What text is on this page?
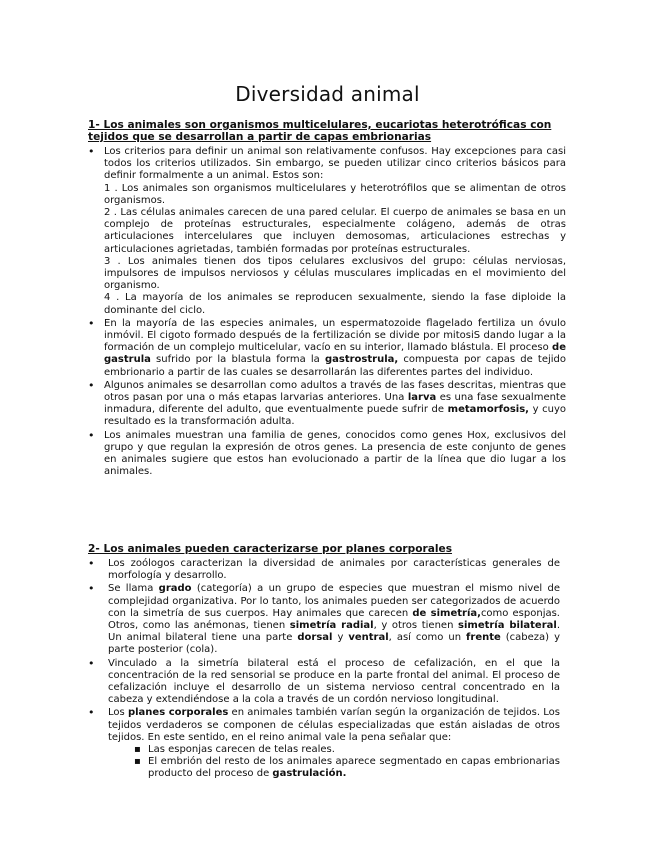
Diversidad animal
1- Los animales son organismos multicelulares, eucariotas heterotróficas con tejidos que se desarrollan a partir de capas embrionarias
• Los criterios para definir un animal son relativamente confusos. Hay excepciones para casi todos los criterios utilizados. Sin embargo, se pueden utilizar cinco criterios básicos para definir formalmente a un animal. Estos son:
1 . Los animales son organismos multicelulares y heterotrófilos que se alimentan de otros organismos.
2 . Las células animales carecen de una pared celular. El cuerpo de animales se basa en un complejo de proteínas estructurales, especialmente colágeno, además de otras articulaciones intercelulares que incluyen demosomas, articulaciones estrechas y articulaciones agrietadas, también formadas por proteínas estructurales.
3 . Los animales tienen dos tipos celulares exclusivos del grupo: células nerviosas, impulsores de impulsos nerviosos y células musculares implicadas en el movimiento del organismo.
4 . La mayoría de los animales se reproducen sexualmente, siendo la fase diploide la dominante del ciclo.
• En la mayoría de las especies animales, un espermatozoide flagelado fertiliza un óvulo inmóvil. El cigoto formado después de la fertilización se divide por mitosiS dando lugar a la formación de un complejo multicelular, vacío en su interior, llamado blástula. El proceso de gastrula sufrido por la blastula forma la gastrostrula, compuesta por capas de tejido embrionario a partir de las cuales se desarrollarán las diferentes partes del individuo.
• Algunos animales se desarrollan como adultos a través de las fases descritas, mientras que otros pasan por una o más etapas larvarias anteriores. Una larva es una fase sexualmente inmadura, diferente del adulto, que eventualmente puede sufrir de metamorfosis, y cuyo resultado es la transformación adulta.
• Los animales muestran una familia de genes, conocidos como genes Hox, exclusivos del grupo y que regulan la expresión de otros genes. La presencia de este conjunto de genes en animales sugiere que estos han evolucionado a partir de la línea que dio lugar a los animales.
2- Los animales pueden caracterizarse por planes corporales
• Los zoólogos caracterizan la diversidad de animales por características generales de morfología y desarrollo.
• Se llama grado (categoría) a un grupo de especies que muestran el mismo nivel de complejidad organizativa. Por lo tanto, los animales pueden ser categorizados de acuerdo con la simetría de sus cuerpos. Hay animales que carecen de simetría,como esponjas. Otros, como las anémonas, tienen simetría radial, y otros tienen simetría bilateral. Un animal bilateral tiene una parte dorsal y ventral, así como un frente (cabeza) y parte posterior (cola).
• Vinculado a la simetría bilateral está el proceso de cefalización, en el que la concentración de la red sensorial se produce en la parte frontal del animal. El proceso de cefalización incluye el desarrollo de un sistema nervioso central concentrado en la cabeza y extendiéndose a la cola a través de un cordón nervioso longitudinal.
• Los planes corporales en animales también varían según la organización de tejidos. Los tejidos verdaderos se componen de células especializadas que están aisladas de otros tejidos. En este sentido, en el reino animal vale la pena señalar que:
▪ Las esponjas carecen de telas reales.
▪ El embrión del resto de los animales aparece segmentado en capas embrionarias producto del proceso de gastrulación.
